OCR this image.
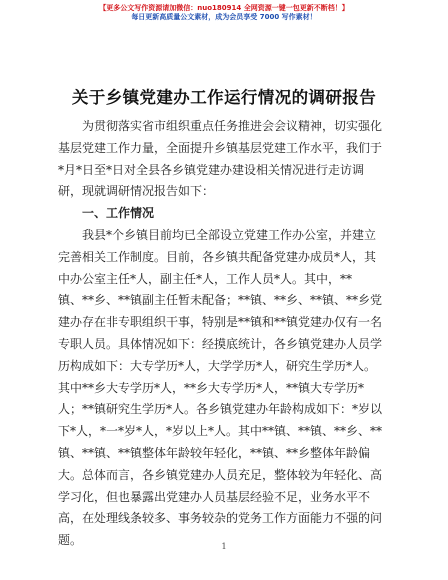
【更多公文写作资源请加微信：nuo180914 全网资源一键一包更新不断档！】
每日更新高质量公文素材，成为会员享受 7000 写作素材！
关于乡镇党建办工作运行情况的调研报告
为贯彻落实省市组织重点任务推进会会议精神，切实强化
基层党建工作力量，全面提升乡镇基层党建工作水平，我们于
*月*日至*日对全县各乡镇党建办建设相关情况进行走访调
研，现就调研情况报告如下：
一、工作情况
我县*个乡镇目前均已全部设立党建工作办公室，并建立
完善相关工作制度。目前，各乡镇共配备党建办成员*人，其
中办公室主任*人，副主任*人，工作人员*人。其中，**
镇、**乡、**镇副主任暂未配备；**镇、**乡、**镇、**乡党
建办存在非专职组织干事，特别是**镇和**镇党建办仅有一名
专职人员。具体情况如下：经摸底统计，各乡镇党建办人员学
历构成如下：大专学历*人，大学学历*人，研究生学历*人。
其中**乡大专学历*人，**乡大专学历*人，**镇大专学历*
人；**镇研究生学历*人。各乡镇党建办年龄构成如下：*岁以
下*人，*一*岁*人，*岁以上*人。其中**镇、**镇、**乡、**
镇、**镇、**镇整体年龄较年轻化，**镇、**乡整体年龄偏
大。总体而言，各乡镇党建办人员充足，整体较为年轻化、高
学习化，但也暴露出党建办人员基层经验不足，业务水平不
高，在处理线条较多、事务较杂的党务工作方面能力不强的问
题。	1
